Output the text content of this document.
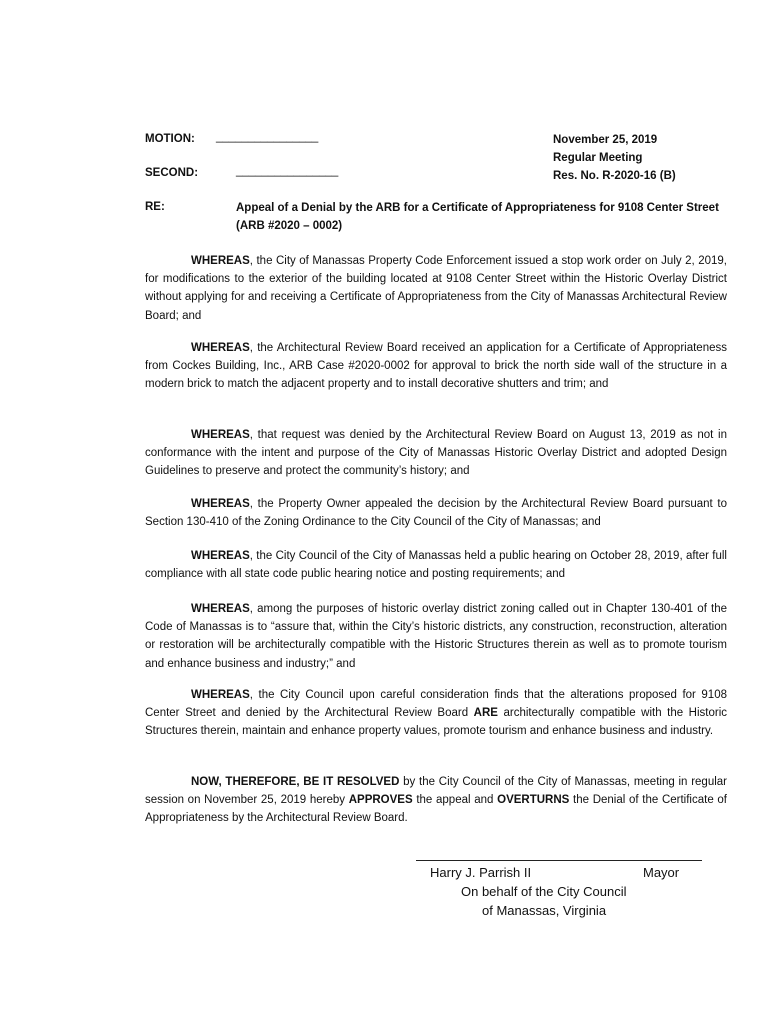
MOTION: ________________
SECOND:	________________
November 25, 2019
Regular Meeting
Res. No. R-2020-16 (B)
RE:	Appeal of a Denial by the ARB for a Certificate of Appropriateness for 9108 Center Street (ARB #2020 – 0002)
WHEREAS, the City of Manassas Property Code Enforcement issued a stop work order on July 2, 2019, for modifications to the exterior of the building located at 9108 Center Street within the Historic Overlay District without applying for and receiving a Certificate of Appropriateness from the City of Manassas Architectural Review Board; and
WHEREAS, the Architectural Review Board received an application for a Certificate of Appropriateness from Cockes Building, Inc., ARB Case #2020-0002 for approval to brick the north side wall of the structure in a modern brick to match the adjacent property and to install decorative shutters and trim; and
WHEREAS, that request was denied by the Architectural Review Board on August 13, 2019 as not in conformance with the intent and purpose of the City of Manassas Historic Overlay District and adopted Design Guidelines to preserve and protect the community’s history; and
WHEREAS, the Property Owner appealed the decision by the Architectural Review Board pursuant to Section 130-410 of the Zoning Ordinance to the City Council of the City of Manassas; and
WHEREAS, the City Council of the City of Manassas held a public hearing on October 28, 2019, after full compliance with all state code public hearing notice and posting requirements; and
WHEREAS, among the purposes of historic overlay district zoning called out in Chapter 130-401 of the Code of Manassas is to “assure that, within the City’s historic districts, any construction, reconstruction, alteration or restoration will be architecturally compatible with the Historic Structures therein as well as to promote tourism and enhance business and industry;” and
WHEREAS, the City Council upon careful consideration finds that the alterations proposed for 9108 Center Street and denied by the Architectural Review Board ARE architecturally compatible with the Historic Structures therein, maintain and enhance property values, promote tourism and enhance business and industry.
NOW, THEREFORE, BE IT RESOLVED by the City Council of the City of Manassas, meeting in regular session on November 25, 2019 hereby APPROVES the appeal and OVERTURNS the Denial of the Certificate of Appropriateness by the Architectural Review Board.
Harry J. Parrish II	Mayor
On behalf of the City Council
of Manassas, Virginia
